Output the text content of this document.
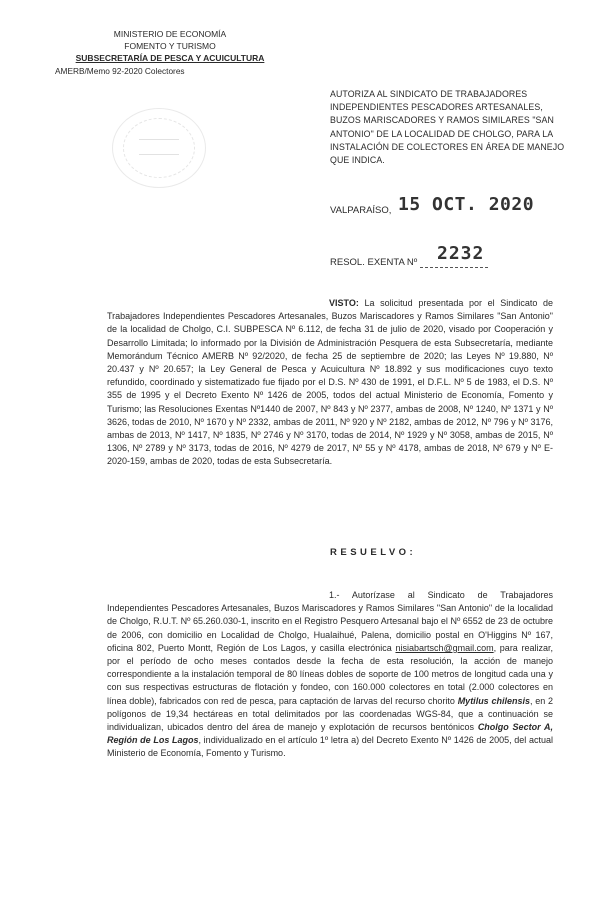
MINISTERIO DE ECONOMÍA
FOMENTO Y TURISMO
SUBSECRETARÍA DE PESCA Y ACUICULTURA
AMERB/Memo 92-2020 Colectores
AUTORIZA AL SINDICATO DE TRABAJADORES INDEPENDIENTES PESCADORES ARTESANALES, BUZOS MARISCADORES Y RAMOS SIMILARES "SAN ANTONIO" DE LA LOCALIDAD DE CHOLGO, PARA LA INSTALACIÓN DE COLECTORES EN ÁREA DE MANEJO QUE INDICA.
VALPARAÍSO, 15 OCT. 2020
RESOL. EXENTA Nº 2232
VISTO: La solicitud presentada por el Sindicato de Trabajadores Independientes Pescadores Artesanales, Buzos Mariscadores y Ramos Similares "San Antonio" de la localidad de Cholgo, C.I. SUBPESCA Nº 6.112, de fecha 31 de julio de 2020, visado por Cooperación y Desarrollo Limitada; lo informado por la División de Administración Pesquera de esta Subsecretaría, mediante Memorándum Técnico AMERB Nº 92/2020, de fecha 25 de septiembre de 2020; las Leyes Nº 19.880, Nº 20.437 y Nº 20.657; la Ley General de Pesca y Acuicultura Nº 18.892 y sus modificaciones cuyo texto refundido, coordinado y sistematizado fue fijado por el D.S. Nº 430 de 1991, el D.F.L. Nº 5 de 1983, el D.S. Nº 355 de 1995 y el Decreto Exento Nº 1426 de 2005, todos del actual Ministerio de Economía, Fomento y Turismo; las Resoluciones Exentas Nº1440 de 2007, Nº 843 y Nº 2377, ambas de 2008, Nº 1240, Nº 1371 y Nº 3626, todas de 2010, Nº 1670 y Nº 2332, ambas de 2011, Nº 920 y Nº 2182, ambas de 2012, Nº 796 y Nº 3176, ambas de 2013, Nº 1417, Nº 1835, Nº 2746 y Nº 3170, todas de 2014, Nº 1929 y Nº 3058, ambas de 2015, Nº 1306, Nº 2789 y Nº 3173, todas de 2016, Nº 4279 de 2017, Nº 55 y Nº 4178, ambas de 2018, Nº 679 y Nº E-2020-159, ambas de 2020, todas de esta Subsecretaría.
RESUELVO:
1.- Autorízase al Sindicato de Trabajadores Independientes Pescadores Artesanales, Buzos Mariscadores y Ramos Similares "San Antonio" de la localidad de Cholgo, R.U.T. Nº 65.260.030-1, inscrito en el Registro Pesquero Artesanal bajo el Nº 6552 de 23 de octubre de 2006, con domicilio en Localidad de Cholgo, Hualaihué, Palena, domicilio postal en O'Higgins Nº 167, oficina 802, Puerto Montt, Región de Los Lagos, y casilla electrónica nisiabartsch@gmail.com, para realizar, por el período de ocho meses contados desde la fecha de esta resolución, la acción de manejo correspondiente a la instalación temporal de 80 líneas dobles de soporte de 100 metros de longitud cada una y con sus respectivas estructuras de flotación y fondeo, con 160.000 colectores en total (2.000 colectores en línea doble), fabricados con red de pesca, para captación de larvas del recurso chorito Mytilus chilensis, en 2 polígonos de 19,34 hectáreas en total delimitados por las coordenadas WGS-84, que a continuación se individualizan, ubicados dentro del área de manejo y explotación de recursos bentónicos Cholgo Sector A, Región de Los Lagos, individualizado en el artículo 1º letra a) del Decreto Exento Nº 1426 de 2005, del actual Ministerio de Economía, Fomento y Turismo.
